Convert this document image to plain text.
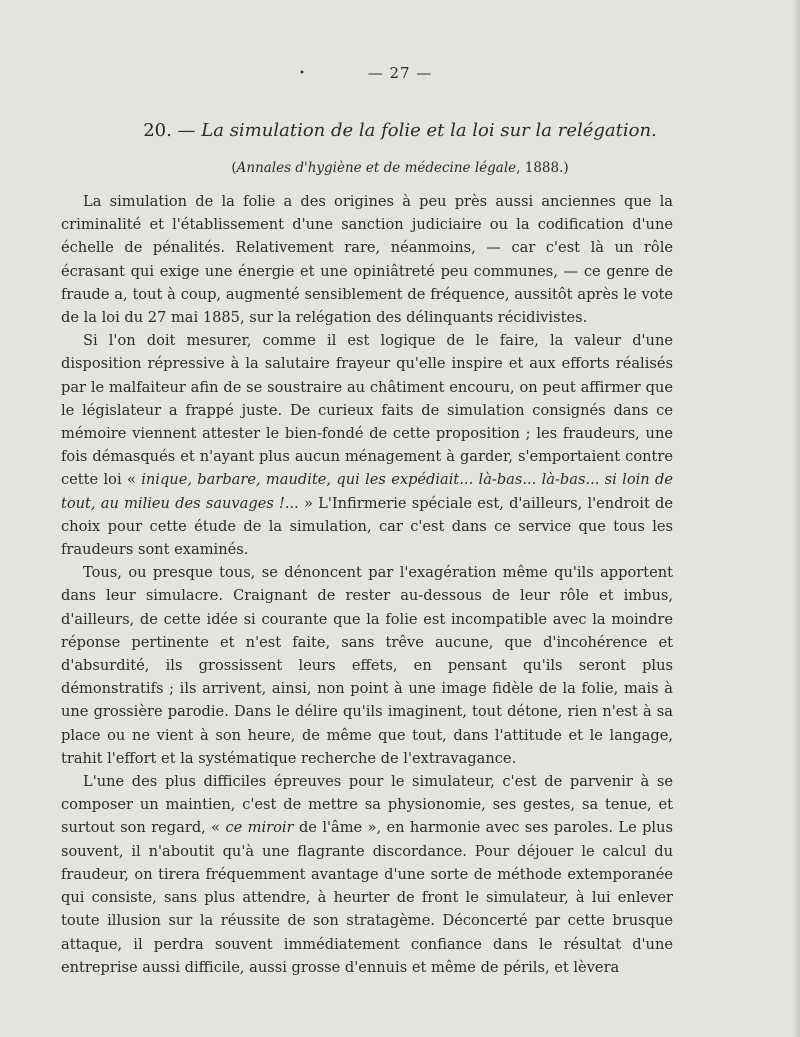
•	— 27 —
20. — La simulation de la folie et la loi sur la relégation.
(Annales d'hygiène et de médecine légale, 1888.)

La simulation de la folie a des origines à peu près aussi anciennes que la criminalité et l'établissement d'une sanction judiciaire ou la codification d'une échelle de pénalités. Relativement rare, néanmoins, — car c'est là un rôle écrasant qui exige une énergie et une opiniâtreté peu communes, — ce genre de fraude a, tout à coup, augmenté sensiblement de fréquence, aussitôt après le vote de la loi du 27 mai 1885, sur la relégation des délinquants récidivistes.

Si l'on doit mesurer, comme il est logique de le faire, la valeur d'une disposition répressive à la salutaire frayeur qu'elle inspire et aux efforts réalisés par le malfaiteur afin de se soustraire au châtiment encouru, on peut affirmer que le législateur a frappé juste. De curieux faits de simulation consignés dans ce mémoire viennent attester le bien-fondé de cette proposition ; les fraudeurs, une fois démasqués et n'ayant plus aucun ménagement à garder, s'emportaient contre cette loi « inique, barbare, maudite, qui les expédiait... là-bas... là-bas... si loin de tout, au milieu des sauvages !... » L'Infirmerie spéciale est, d'ailleurs, l'endroit de choix pour cette étude de la simulation, car c'est dans ce service que tous les fraudeurs sont examinés.

Tous, ou presque tous, se dénoncent par l'exagération même qu'ils apportent dans leur simulacre. Craignant de rester au-dessous de leur rôle et imbus, d'ailleurs, de cette idée si courante que la folie est incompatible avec la moindre réponse pertinente et n'est faite, sans trêve aucune, que d'incohérence et d'absurdité, ils grossissent leurs effets, en pensant qu'ils seront plus démonstratifs ; ils arrivent, ainsi, non point à une image fidèle de la folie, mais à une grossière parodie. Dans le délire qu'ils imaginent, tout détone, rien n'est à sa place ou ne vient à son heure, de même que tout, dans l'attitude et le langage, trahit l'effort et la systématique recherche de l'extravagance.

L'une des plus difficiles épreuves pour le simulateur, c'est de parvenir à se composer un maintien, c'est de mettre sa physionomie, ses gestes, sa tenue, et surtout son regard, « ce miroir de l'âme », en harmonie avec ses paroles. Le plus souvent, il n'aboutit qu'à une flagrante discordance. Pour déjouer le calcul du fraudeur, on tirera fréquemment avantage d'une sorte de méthode extemporanée qui consiste, sans plus attendre, à heurter de front le simulateur, à lui enlever toute illusion sur la réussite de son stratagème. Déconcerté par cette brusque attaque, il perdra souvent immédiatement confiance dans le résultat d'une entreprise aussi difficile, aussi grosse d'ennuis et même de périls, et lèvera
